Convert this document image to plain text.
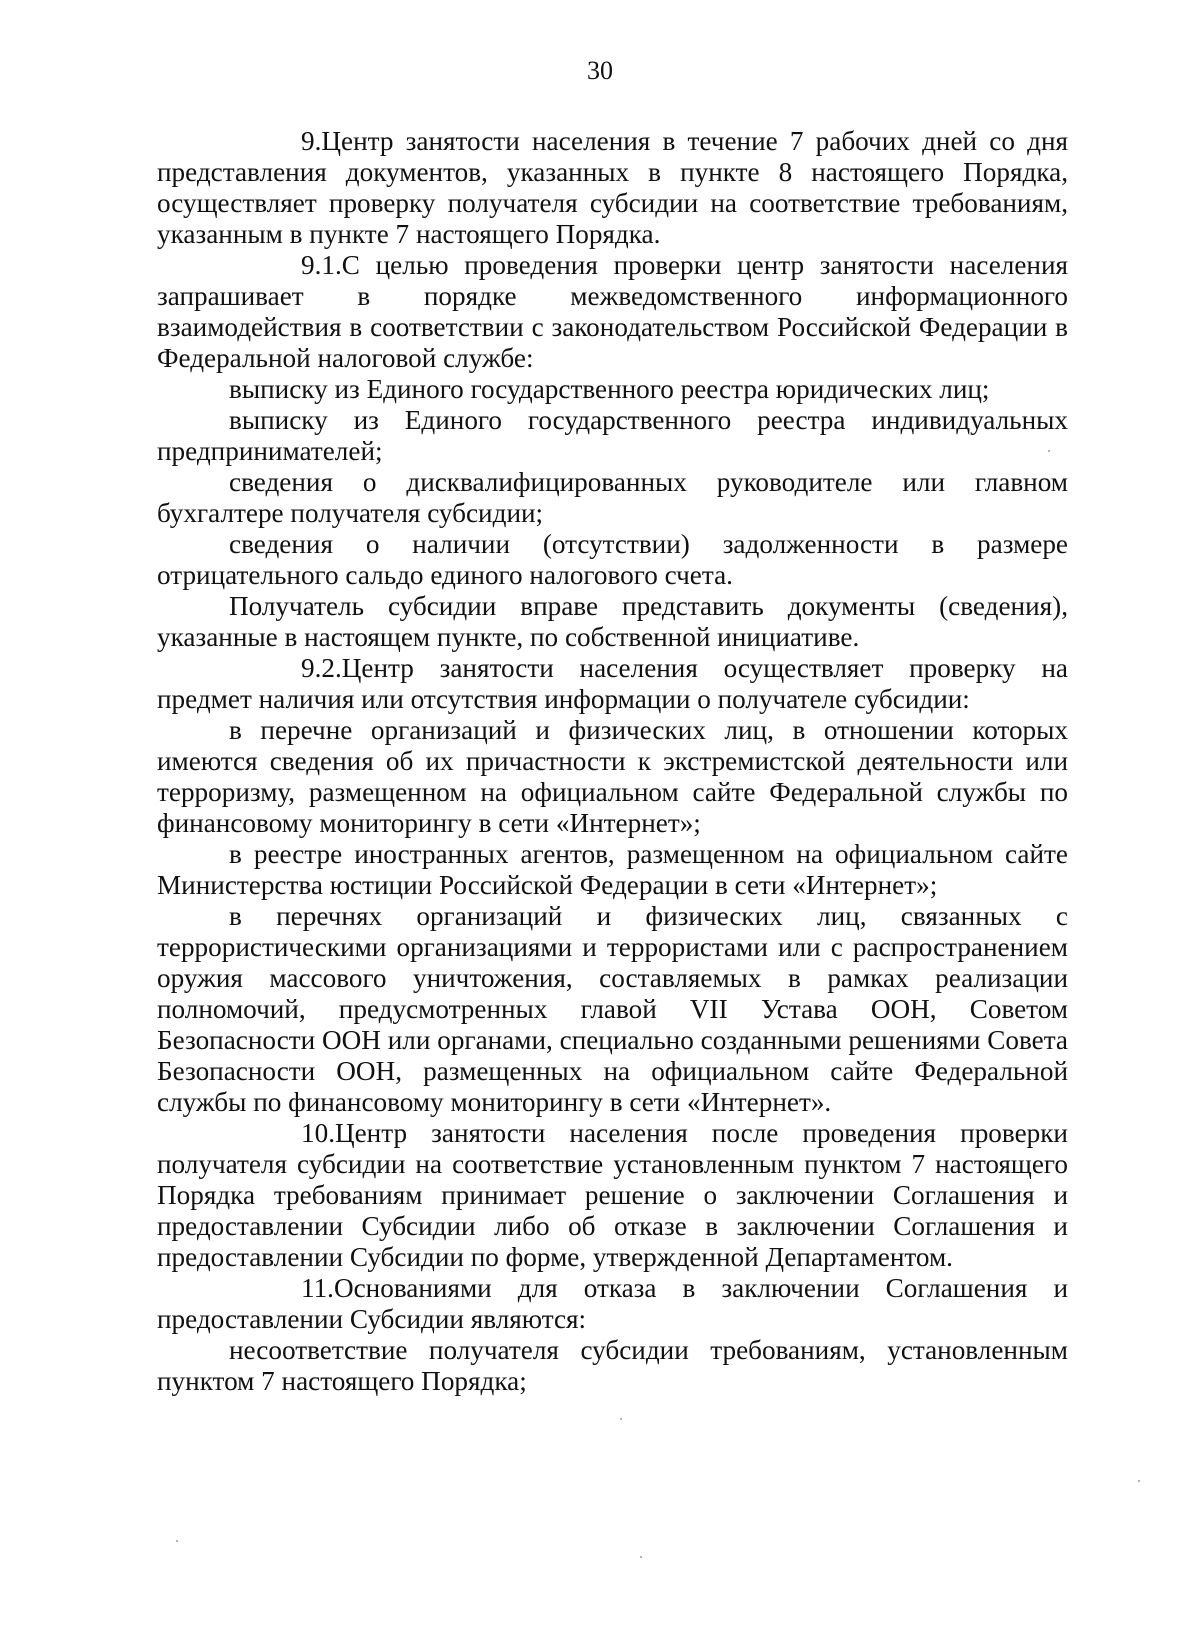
30

9.Центр занятости населения в течение 7 рабочих дней со дня представления документов, указанных в пункте 8 настоящего Порядка, осуществляет проверку получателя субсидии на соответствие требованиям, указанным в пункте 7 настоящего Порядка.

9.1.С целью проведения проверки центр занятости населения запрашивает в порядке межведомственного информационного взаимодействия в соответствии с законодательством Российской Федерации в Федеральной налоговой службе:

выписку из Единого государственного реестра юридических лиц;

выписку из Единого государственного реестра индивидуальных предпринимателей;

сведения о дисквалифицированных руководителе или главном бухгалтере получателя субсидии;

сведения о наличии (отсутствии) задолженности в размере отрицательного сальдо единого налогового счета.

Получатель субсидии вправе представить документы (сведения), указанные в настоящем пункте, по собственной инициативе.

9.2.Центр занятости населения осуществляет проверку на предмет наличия или отсутствия информации о получателе субсидии:

в перечне организаций и физических лиц, в отношении которых имеются сведения об их причастности к экстремистской деятельности или терроризму, размещенном на официальном сайте Федеральной службы по финансовому мониторингу в сети «Интернет»;

в реестре иностранных агентов, размещенном на официальном сайте Министерства юстиции Российской Федерации в сети «Интернет»;

в перечнях организаций и физических лиц, связанных с террористическими организациями и террористами или с распространением оружия массового уничтожения, составляемых в рамках реализации полномочий, предусмотренных главой VII Устава ООН, Советом Безопасности ООН или органами, специально созданными решениями Совета Безопасности ООН, размещенных на официальном сайте Федеральной службы по финансовому мониторингу в сети «Интернет».

10.Центр занятости населения после проведения проверки получателя субсидии на соответствие установленным пунктом 7 настоящего Порядка требованиям принимает решение о заключении Соглашения и предоставлении Субсидии либо об отказе в заключении Соглашения и предоставлении Субсидии по форме, утвержденной Департаментом.

11.Основаниями для отказа в заключении Соглашения и предоставлении Субсидии являются:

несоответствие получателя субсидии требованиям, установленным пунктом 7 настоящего Порядка;
